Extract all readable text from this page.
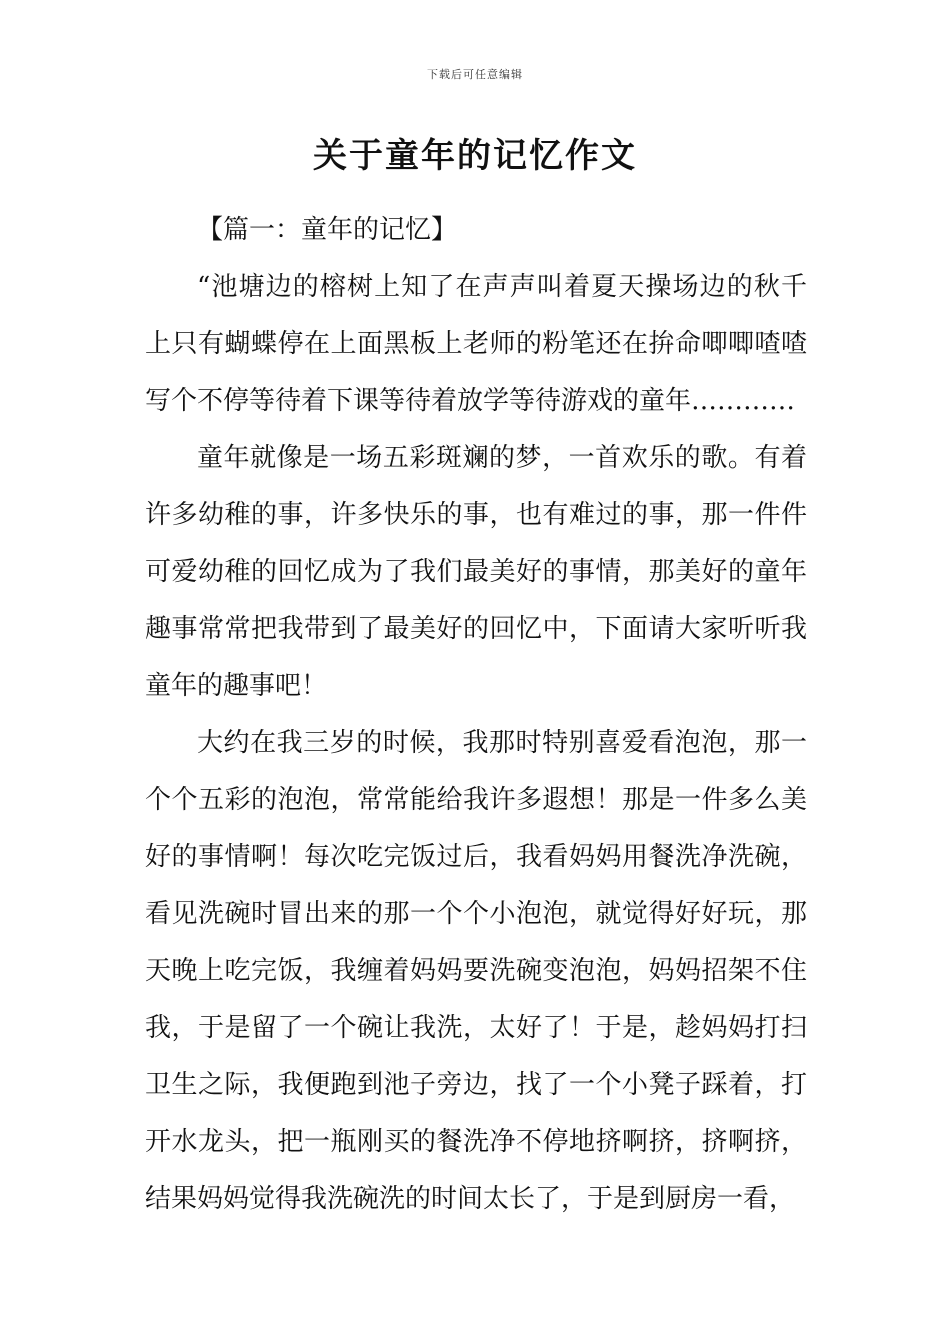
下载后可任意编辑
关于童年的记忆作文

【篇一：童年的记忆】

“池塘边的榕树上知了在声声叫着夏天操场边的秋千上只有蝴蝶停在上面黑板上老师的粉笔还在拚命唧唧喳喳写个不停等待着下课等待着放学等待游戏的童年…………

童年就像是一场五彩斑斓的梦，一首欢乐的歌。有着许多幼稚的事，许多快乐的事，也有难过的事，那一件件可爱幼稚的回忆成为了我们最美好的事情，那美好的童年趣事常常把我带到了最美好的回忆中，下面请大家听听我童年的趣事吧！

大约在我三岁的时候，我那时特别喜爱看泡泡，那一个个五彩的泡泡，常常能给我许多遐想！那是一件多么美好的事情啊！每次吃完饭过后，我看妈妈用餐洗净洗碗，看见洗碗时冒出来的那一个个小泡泡，就觉得好好玩，那天晚上吃完饭，我缠着妈妈要洗碗变泡泡，妈妈招架不住我，于是留了一个碗让我洗，太好了！于是，趁妈妈打扫卫生之际，我便跑到池子旁边，找了一个小凳子踩着，打开水龙头，把一瓶刚买的餐洗净不停地挤啊挤，挤啊挤，结果妈妈觉得我洗碗洗的时间太长了，于是到厨房一看，
